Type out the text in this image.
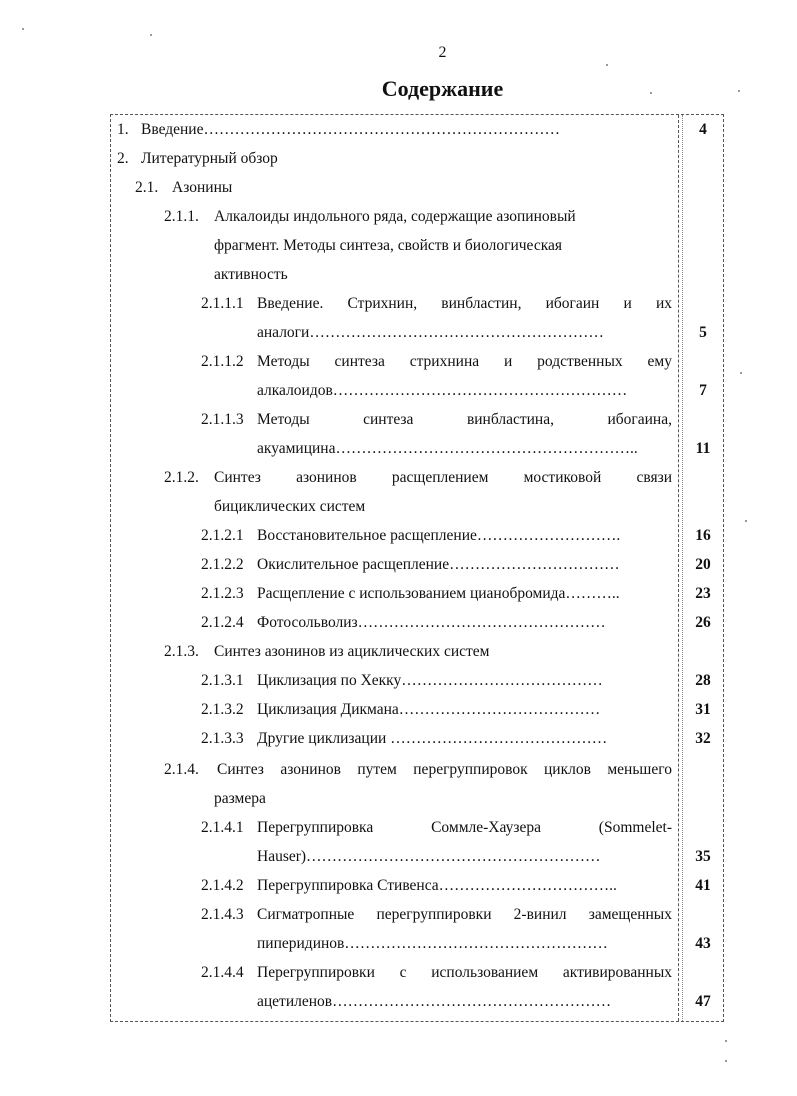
2
Содержание
1. Введение……………………………………………………………	4
2. Литературный обзор
2.1. Азонины
2.1.1. Алкалоиды индольного ряда, содержащие азопиновый
фрагмент. Методы синтеза, свойств и биологическая
активность
2.1.1.1 Введение. Стрихнин, винбластин, ибогаин и их
аналоги…………………………………………………	5
2.1.1.2 Методы синтеза стрихнина и родственных ему
алкалоидов…………………………………………………	7
2.1.1.3 Методы	синтеза	винбластина,	ибогаина,
акуамицина…………………………………………………..	11
2.1.2. Синтез азонинов расщеплением мостиковой связи
бициклических систем
2.1.2.1 Восстановительное расщепление……………………….	16
2.1.2.2 Окислительное расщепление……………………………	20
2.1.2.3 Расщепление с использованием цианобромида………..	23
2.1.2.4 Фотосольволиз…………………………………………	26
2.1.3. Синтез азонинов из ациклических систем
2.1.3.1 Циклизация по Хекку…………………………………	28
2.1.3.2 Циклизация Дикмана…………………………………	31
2.1.3.3 Другие циклизации ……………………………………	32
2.1.4. Синтез азонинов путем перегруппировок циклов меньшего
размера
2.1.4.1 Перегруппировка	Соммле-Хаузера	(Sommelet-
Hauser)…………………………………………………	35
2.1.4.2 Перегруппировка Стивенса……………………………..	41
2.1.4.3 Сигматропные перегруппировки 2-винил замещенных
пиперидинов……………………………………………	43
2.1.4.4 Перегруппировки с использованием активированных
ацетиленов………………………………………………	47
